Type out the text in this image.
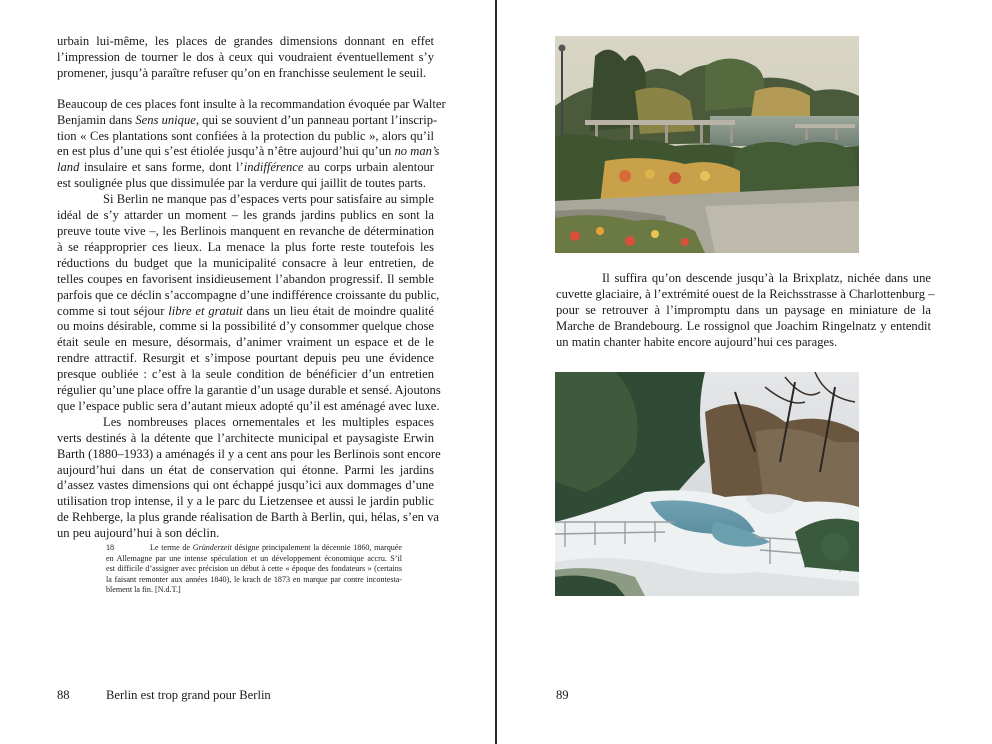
urbain lui-même, les places de grandes dimensions donnant en effet
l’impression de tourner le dos à ceux qui voudraient éventuellement s’y
promener, jusqu’à paraître refuser qu’on en franchisse seulement le seuil.

Beaucoup de ces places font insulte à la recommandation évoquée par Walter
Benjamin dans Sens unique, qui se souvient d’un panneau portant l’inscrip-
tion « Ces plantations sont confiées à la protection du public », alors qu’il
en est plus d’une qui s’est étiolée jusqu’à n’être aujourd’hui qu’un no man’s
land insulaire et sans forme, dont l’indifférence au corps urbain alentour
est soulignée plus que dissimulée par la verdure qui jaillit de toutes parts.

Si Berlin ne manque pas d’espaces verts pour satisfaire au simple
idéal de s’y attarder un moment – les grands jardins publics en sont la
preuve toute vive –, les Berlinois manquent en revanche de détermination
à se réapproprier ces lieux. La menace la plus forte reste toutefois les
réductions du budget que la municipalité consacre à leur entretien, de
telles coupes en favorisent insidieusement l’abandon progressif. Il semble
parfois que ce déclin s’accompagne d’une indifférence croissante du public,
comme si tout séjour libre et gratuit dans un lieu était de moindre qualité
ou moins désirable, comme si la possibilité d’y consommer quelque chose
était seule en mesure, désormais, d’animer vraiment un espace et de le
rendre attractif. Resurgit et s’impose pourtant depuis peu une évidence
presque oubliée : c’est à la seule condition de bénéficier d’un entretien
régulier qu’une place offre la garantie d’un usage durable et sensé. Ajoutons
que l’espace public sera d’autant mieux adopté qu’il est aménagé avec luxe.

Les nombreuses places ornementales et les multiples espaces
verts destinés à la détente que l’architecte municipal et paysagiste Erwin
Barth (1880–1933) a aménagés il y a cent ans pour les Berlinois sont encore
aujourd’hui dans un état de conservation qui étonne. Parmi les jardins
d’assez vastes dimensions qui ont échappé jusqu’ici aux dommages d’une
utilisation trop intense, il y a le parc du Lietzensee et aussi le jardin public
de Rehberge, la plus grande réalisation de Barth à Berlin, qui, hélas, s’en va
un peu aujourd’hui à son déclin.

18	Le terme de Gründerzeit désigne principalement la décennie 1860, marquée
en Allemagne par une intense spéculation et un développement économique accru. S’il
est difficile d’assigner avec précision un début à cette « époque des fondateurs » (certains
la faisant remonter aux années 1840), le krach de 1873 en marque par contre incontesta-
blement la fin. [N.d.T.]
88	Berlin est trop grand pour Berlin

Il suffira qu’on descende jusqu’à la Brixplatz, nichée dans une
cuvette glaciaire, à l’extrémité ouest de la Reichsstrasse à Charlottenburg –
pour se retrouver à l’impromptu dans un paysage en miniature de la
Marche de Brandebourg. Le rossignol que Joachim Ringelnatz y entendit
un matin chanter habite encore aujourd’hui ces parages.

89
